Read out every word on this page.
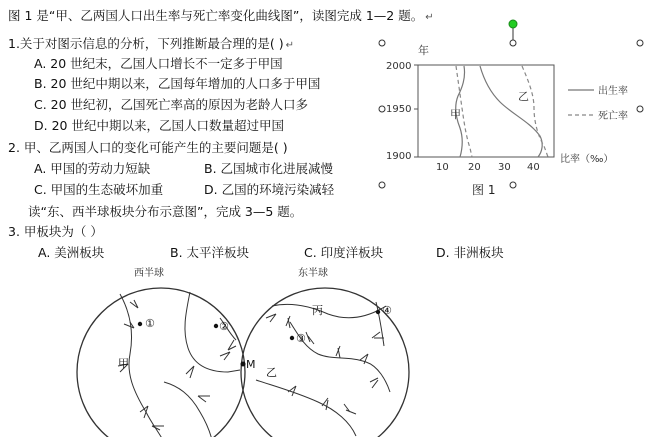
图 1 是“甲、乙两国人口出生率与死亡率变化曲线图”，读图完成 1—2 题。 ↵
1.关于对图示信息的分析，下列推断最合理的是( ) ↵
A. 20 世纪末，乙国人口增长不一定多于甲国
B. 20 世纪中期以来，乙国每年增加的人口多于甲国
C. 20 世纪初，乙国死亡率高的原因为老龄人口多
D. 20 世纪中期以来，乙国人口数量超过甲国
2. 甲、乙两国人口的变化可能产生的主要问题是( )
A. 甲国的劳动力短缺	B. 乙国城市化进展减慢
C. 甲国的生态破坏加重	D. 乙国的环境污染减轻
读“东、西半球板块分布示意图”，完成 3—5 题。
3. 甲板块为（ ）
A. 美洲板块	B. 太平洋板块	C. 印度洋板块	D. 非洲板块
年
2000
1950
1900
10 20 30 40
比率（‰）
甲
乙	出生率
死亡率
图 1
西半球	东半球
①	②
甲	M
③
④
丙
乙
